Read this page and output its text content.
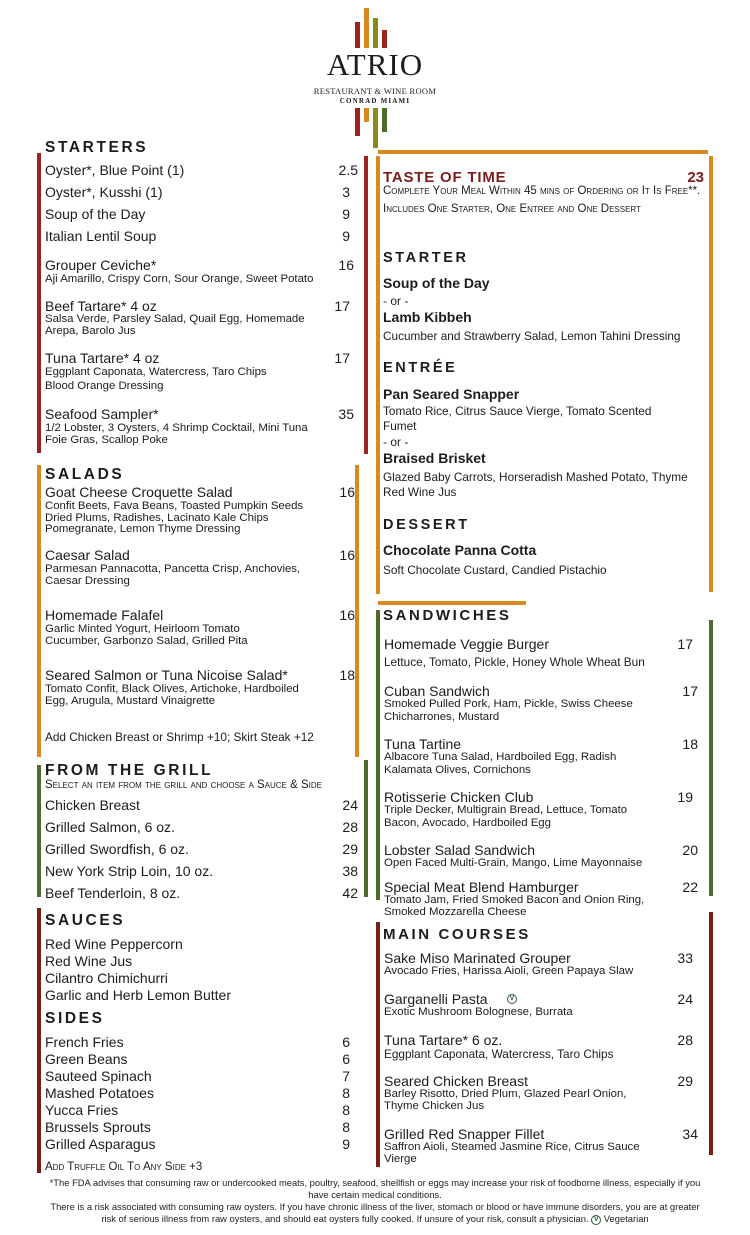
ATRIO
RESTAURANT & WINE ROOM
CONRAD MIAMI
STARTERS
Oyster*, Blue Point (1)	2.5
Oyster*, Kusshi (1)	3
Soup of the Day	9
Italian Lentil Soup	9
Grouper Ceviche*	16
Aji Amarillo, Crispy Corn, Sour Orange, Sweet Potato
Beef Tartare* 4 oz	17
Salsa Verde, Parsley Salad, Quail Egg, Homemade
Arepa, Barolo Jus
Tuna Tartare* 4 oz	17
Eggplant Caponata, Watercress, Taro Chips
Blood Orange Dressing
Seafood Sampler*	35
1/2 Lobster, 3 Oysters, 4 Shrimp Cocktail, Mini Tuna
Foie Gras, Scallop Poke
SALADS
Goat Cheese Croquette Salad	16
Confit Beets, Fava Beans, Toasted Pumpkin Seeds
Dried Plums, Radishes, Lacinato Kale Chips
Pomegranate, Lemon Thyme Dressing
Caesar Salad	16
Parmesan Pannacotta, Pancetta Crisp, Anchovies,
Caesar Dressing
Homemade Falafel	16
Garlic Minted Yogurt, Heirloom Tomato
Cucumber, Garbonzo Salad, Grilled Pita
Seared Salmon or Tuna Nicoise Salad*	18
Tomato Confit, Black Olives, Artichoke, Hardboiled
Egg, Arugula, Mustard Vinaigrette
Add Chicken Breast or Shrimp +10; Skirt Steak +12
FROM THE GRILL
Select an item from the grill and choose a Sauce & Side
Chicken Breast	24
Grilled Salmon, 6 oz.	28
Grilled Swordfish, 6 oz.	29
New York Strip Loin, 10 oz.	38
Beef Tenderloin, 8 oz.	42
SAUCES
Red Wine Peppercorn
Red Wine Jus
Cilantro Chimichurri
Garlic and Herb Lemon Butter
SIDES
French Fries	6
Green Beans	6
Sauteed Spinach	7
Mashed Potatoes	8
Yucca Fries	8
Brussels Sprouts	8
Grilled Asparagus	9
Add Truffle Oil To Any Side +3
TASTE OF TIME	23
Complete Your Meal Within 45 mins of Ordering or It Is Free**.
Includes One Starter, One Entree and One Dessert
STARTER
Soup of the Day
- or -
Lamb Kibbeh
Cucumber and Strawberry Salad, Lemon Tahini Dressing
ENTRÉE
Pan Seared Snapper
Tomato Rice, Citrus Sauce Vierge, Tomato Scented
Fumet
- or -
Braised Brisket
Glazed Baby Carrots, Horseradish Mashed Potato, Thyme
Red Wine Jus
DESSERT
Chocolate Panna Cotta
Soft Chocolate Custard, Candied Pistachio
SANDWICHES
Homemade Veggie Burger	17
Lettuce, Tomato, Pickle, Honey Whole Wheat Bun
Cuban Sandwich	17
Smoked Pulled Pork, Ham, Pickle, Swiss Cheese
Chicharrones, Mustard
Tuna Tartine	18
Albacore Tuna Salad, Hardboiled Egg, Radish
Kalamata Olives, Cornichons
Rotisserie Chicken Club	19
Triple Decker, Multigrain Bread, Lettuce, Tomato
Bacon, Avocado, Hardboiled Egg
Lobster Salad Sandwich	20
Open Faced Multi-Grain, Mango, Lime Mayonnaise
Special Meat Blend Hamburger	22
Tomato Jam, Fried Smoked Bacon and Onion Ring,
Smoked Mozzarella Cheese
MAIN COURSES
Sake Miso Marinated Grouper	33
Avocado Fries, Harissa Aioli, Green Papaya Slaw
Garganelli Pasta	V	24
Exotic Mushroom Bolognese, Burrata
Tuna Tartare* 6 oz.	28
Eggplant Caponata, Watercress, Taro Chips
Seared Chicken Breast	29
Barley Risotto, Dried Plum, Glazed Pearl Onion,
Thyme Chicken Jus
Grilled Red Snapper Fillet	34
Saffron Aioli, Steamed Jasmine Rice, Citrus Sauce
Vierge
*The FDA advises that consuming raw or undercooked meats, poultry, seafood, shellfish or eggs may increase your risk of foodborne illness, especially if you
have certain medical conditions.
There is a risk associated with consuming raw oysters. If you have chronic illness of the liver, stomach or blood or have immune disorders, you are at greater
risk of serious illness from raw oysters, and should eat oysters fully cooked. If unsure of your risk, consult a physician. V Vegetarian
